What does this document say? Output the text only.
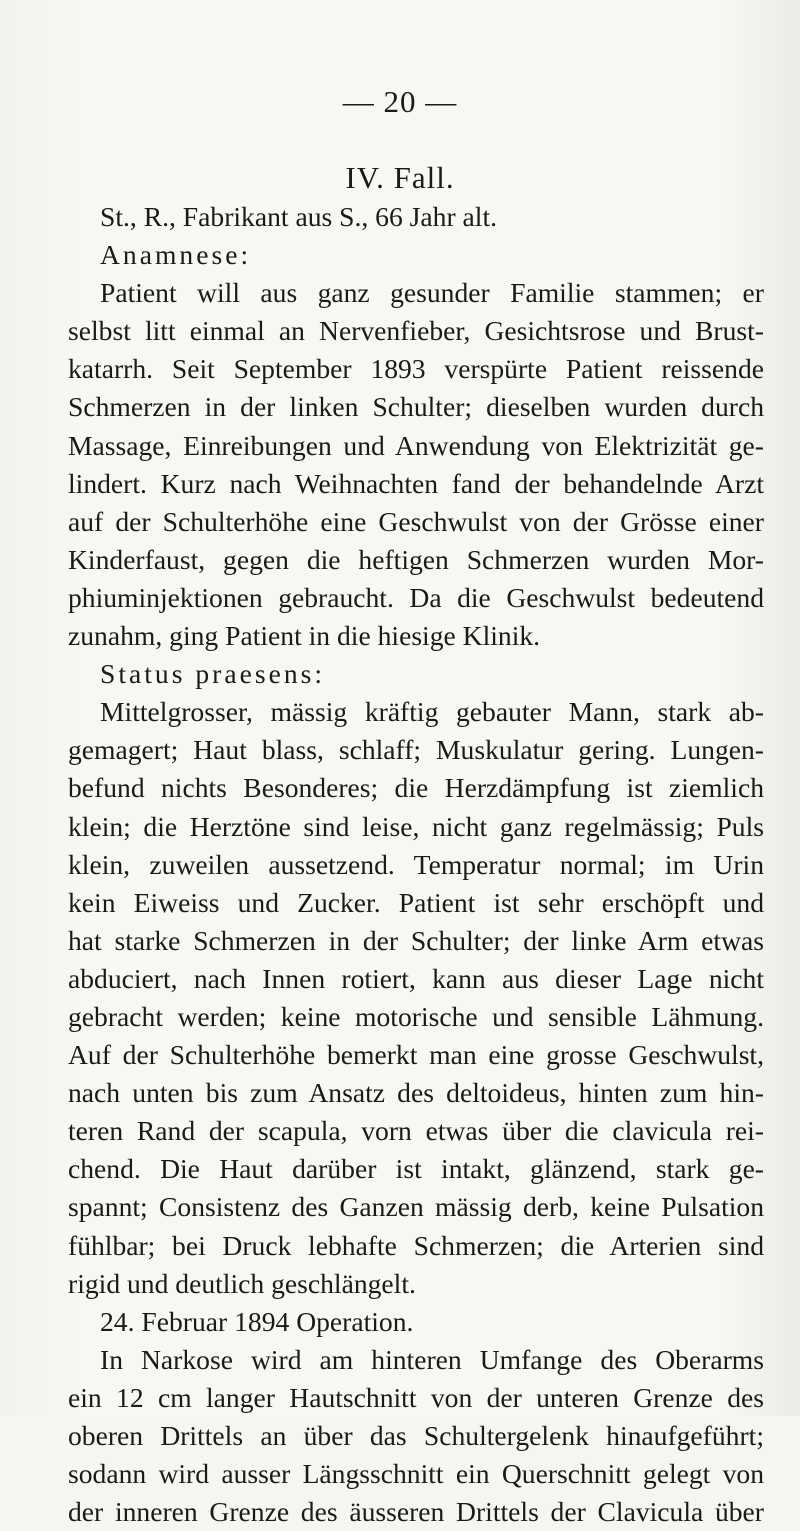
— 20 —
IV. Fall.
St., R., Fabrikant aus S., 66 Jahr alt.
Anamnese:
Patient will aus ganz gesunder Familie stammen; er
selbst litt einmal an Nervenfieber, Gesichtsrose und Brust-
katarrh. Seit September 1893 verspürte Patient reissende
Schmerzen in der linken Schulter; dieselben wurden durch
Massage, Einreibungen und Anwendung von Elektrizität ge-
lindert. Kurz nach Weihnachten fand der behandelnde Arzt
auf der Schulterhöhe eine Geschwulst von der Grösse einer
Kinderfaust, gegen die heftigen Schmerzen wurden Mor-
phiuminjektionen gebraucht. Da die Geschwulst bedeutend
zunahm, ging Patient in die hiesige Klinik.
Status praesens:
Mittelgrosser, mässig kräftig gebauter Mann, stark ab-
gemagert; Haut blass, schlaff; Muskulatur gering. Lungen-
befund nichts Besonderes; die Herzdämpfung ist ziemlich
klein; die Herztöne sind leise, nicht ganz regelmässig; Puls
klein, zuweilen aussetzend. Temperatur normal; im Urin
kein Eiweiss und Zucker. Patient ist sehr erschöpft und
hat starke Schmerzen in der Schulter; der linke Arm etwas
abduciert, nach Innen rotiert, kann aus dieser Lage nicht
gebracht werden; keine motorische und sensible Lähmung.
Auf der Schulterhöhe bemerkt man eine grosse Geschwulst,
nach unten bis zum Ansatz des deltoideus, hinten zum hin-
teren Rand der scapula, vorn etwas über die clavicula rei-
chend. Die Haut darüber ist intakt, glänzend, stark ge-
spannt; Consistenz des Ganzen mässig derb, keine Pulsation
fühlbar; bei Druck lebhafte Schmerzen; die Arterien sind
rigid und deutlich geschlängelt.
24. Februar 1894 Operation.
In Narkose wird am hinteren Umfange des Oberarms
ein 12 cm langer Hautschnitt von der unteren Grenze des
oberen Drittels an über das Schultergelenk hinaufgeführt;
sodann wird ausser Längsschnitt ein Querschnitt gelegt von
der inneren Grenze des äusseren Drittels der Clavicula über
